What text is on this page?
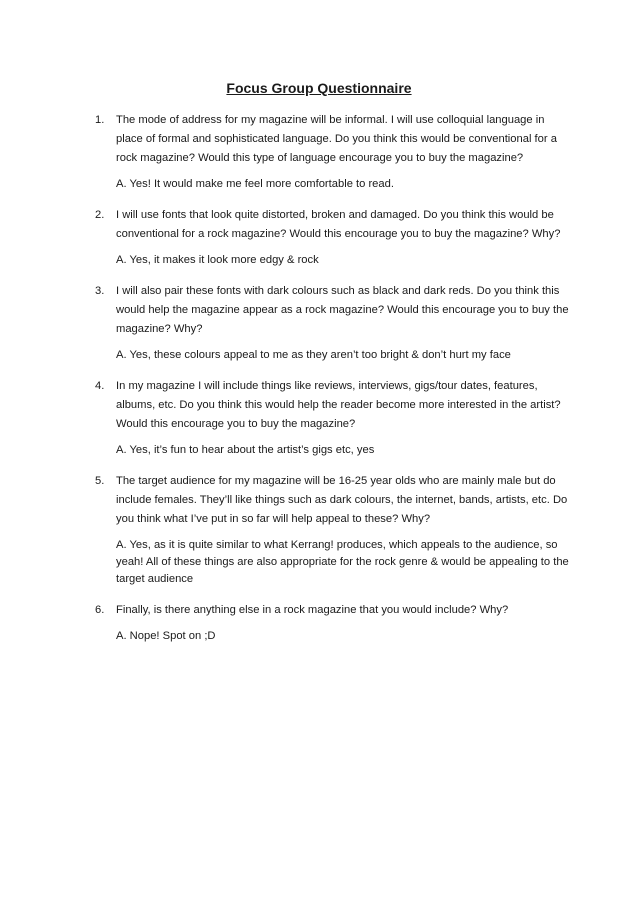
Focus Group Questionnaire
1. The mode of address for my magazine will be informal. I will use colloquial language in place of formal and sophisticated language. Do you think this would be conventional for a rock magazine? Would this type of language encourage you to buy the magazine?

A. Yes! It would make me feel more comfortable to read.

2. I will use fonts that look quite distorted, broken and damaged. Do you think this would be conventional for a rock magazine? Would this encourage you to buy the magazine? Why?

A. Yes, it makes it look more edgy & rock

3. I will also pair these fonts with dark colours such as black and dark reds. Do you think this would help the magazine appear as a rock magazine? Would this encourage you to buy the magazine? Why?

A. Yes, these colours appeal to me as they aren’t too bright & don’t hurt my face

4. In my magazine I will include things like reviews, interviews, gigs/tour dates, features, albums, etc. Do you think this would help the reader become more interested in the artist? Would this encourage you to buy the magazine?

A. Yes, it’s fun to hear about the artist’s gigs etc, yes

5. The target audience for my magazine will be 16-25 year olds who are mainly male but do include females. They’ll like things such as dark colours, the internet, bands, artists, etc. Do you think what I’ve put in so far will help appeal to these? Why?

A. Yes, as it is quite similar to what Kerrang! produces, which appeals to the audience, so yeah! All of these things are also appropriate for the rock genre & would be appealing to the target audience

6. Finally, is there anything else in a rock magazine that you would include? Why?

A. Nope! Spot on ;D
